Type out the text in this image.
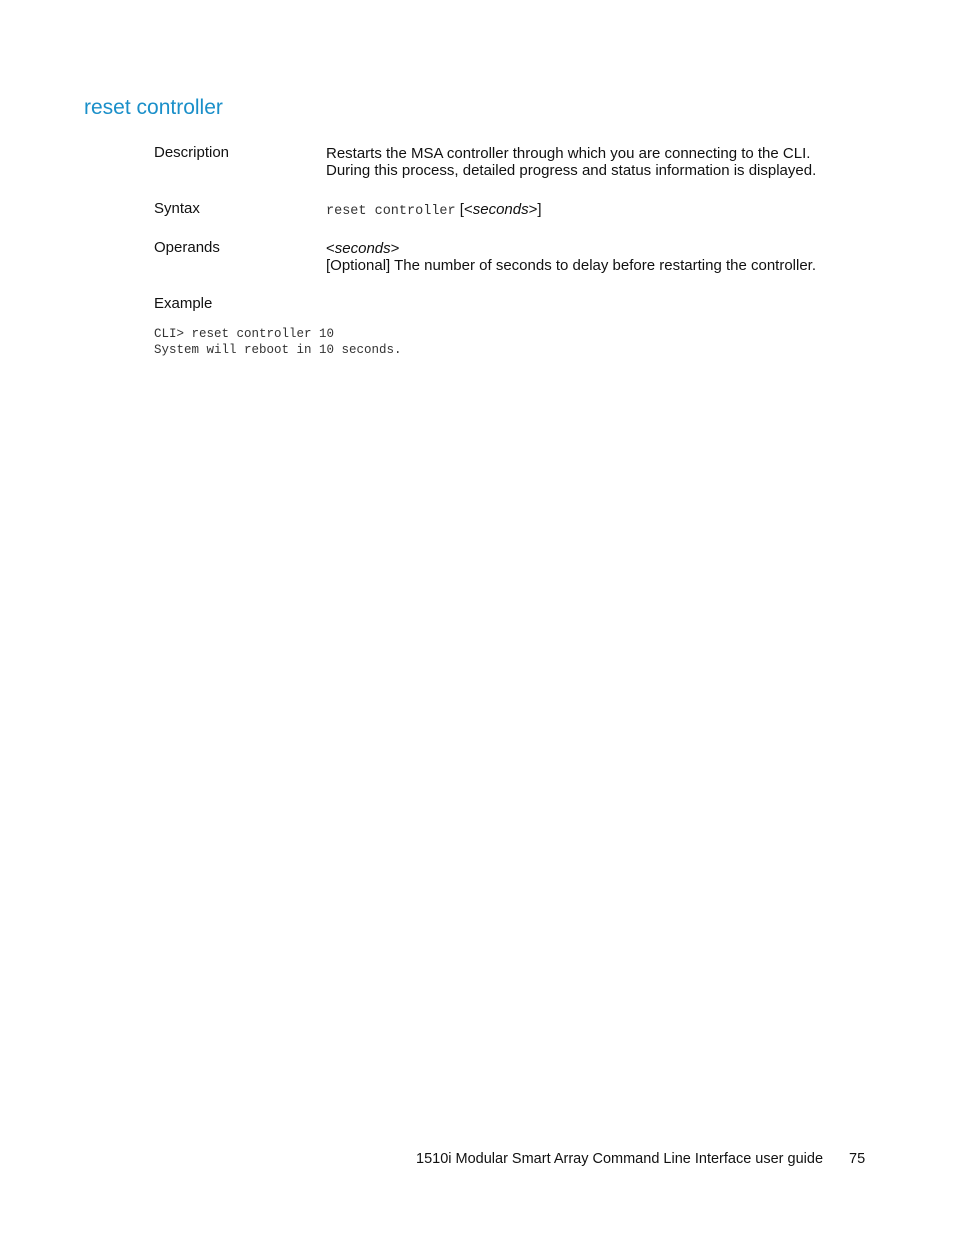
reset controller
Description	Restarts the MSA controller through which you are connecting to the CLI.
During this process, detailed progress and status information is displayed.
Syntax	reset controller [<seconds>]
Operands	<seconds>
[Optional] The number of seconds to delay before restarting the controller.
Example
CLI> reset controller 10
System will reboot in 10 seconds.
1510i Modular Smart Array Command Line Interface user guide 75
